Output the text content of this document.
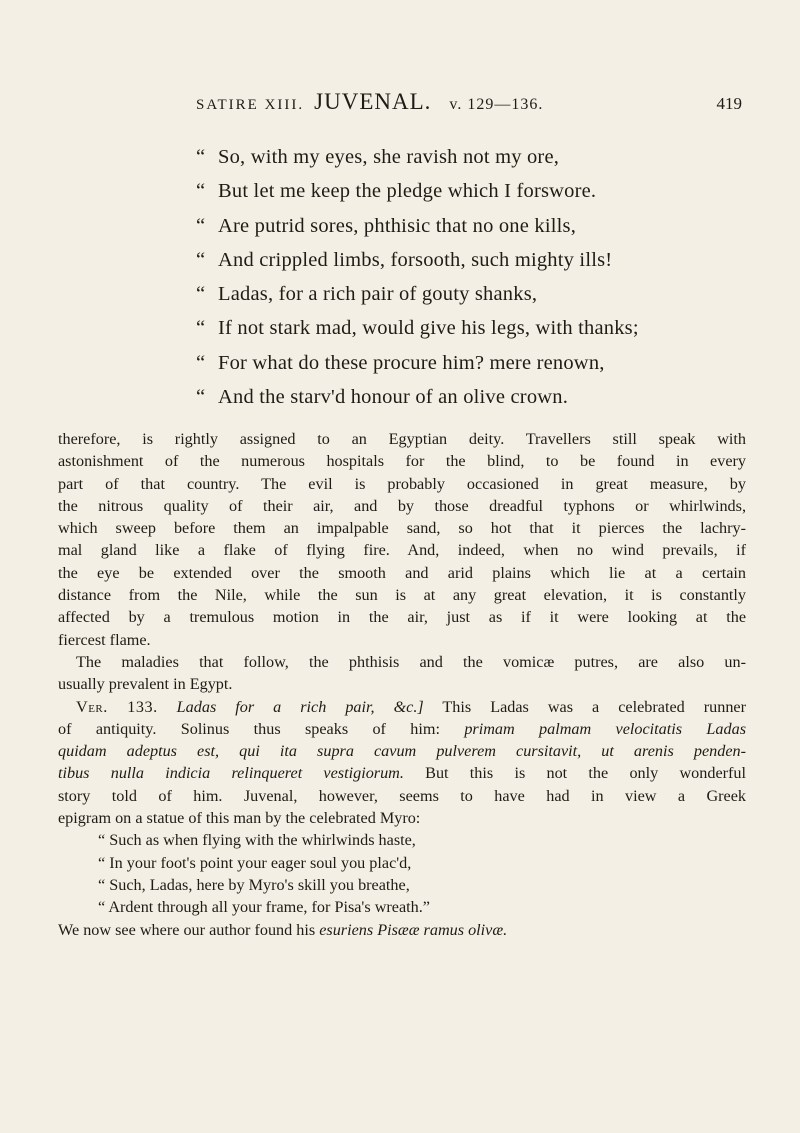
SATIRE XIII. JUVENAL. v. 129—136.	419
“ So, with my eyes, she ravish not my ore,
“ But let me keep the pledge which I forswore.
“ Are putrid sores, phthisic that no one kills,
“ And crippled limbs, forsooth, such mighty ills!
“ Ladas, for a rich pair of gouty shanks,
“ If not stark mad, would give his legs, with thanks;
“ For what do these procure him? mere renown,
“ And the starv'd honour of an olive crown.

therefore, is rightly assigned to an Egyptian deity. Travellers still speak with

astonishment of the numerous hospitals for the blind, to be found in every

part of that country. The evil is probably occasioned in great measure, by

the nitrous quality of their air, and by those dreadful typhons or whirlwinds,

which sweep before them an impalpable sand, so hot that it pierces the lachry-

mal gland like a flake of flying fire. And, indeed, when no wind prevails, if

the eye be extended over the smooth and arid plains which lie at a certain

distance from the Nile, while the sun is at any great elevation, it is constantly

affected by a tremulous motion in the air, just as if it were looking at the

fiercest flame.

The maladies that follow, the phthisis and the vomicæ putres, are also un-

usually prevalent in Egypt.

Ver. 133. Ladas for a rich pair, &c.] This Ladas was a celebrated runner

of antiquity. Solinus thus speaks of him: primam palmam velocitatis Ladas

quidam adeptus est, qui ita supra cavum pulverem cursitavit, ut arenis penden-

tibus nulla indicia relinqueret vestigiorum. But this is not the only wonderful

story told of him. Juvenal, however, seems to have had in view a Greek

epigram on a statue of this man by the celebrated Myro:

“ Such as when flying with the whirlwinds haste,

“ In your foot's point your eager soul you plac'd,

“ Such, Ladas, here by Myro's skill you breathe,

“ Ardent through all your frame, for Pisa's wreath.”

We now see where our author found his esuriens Pisææ ramus olivæ.
